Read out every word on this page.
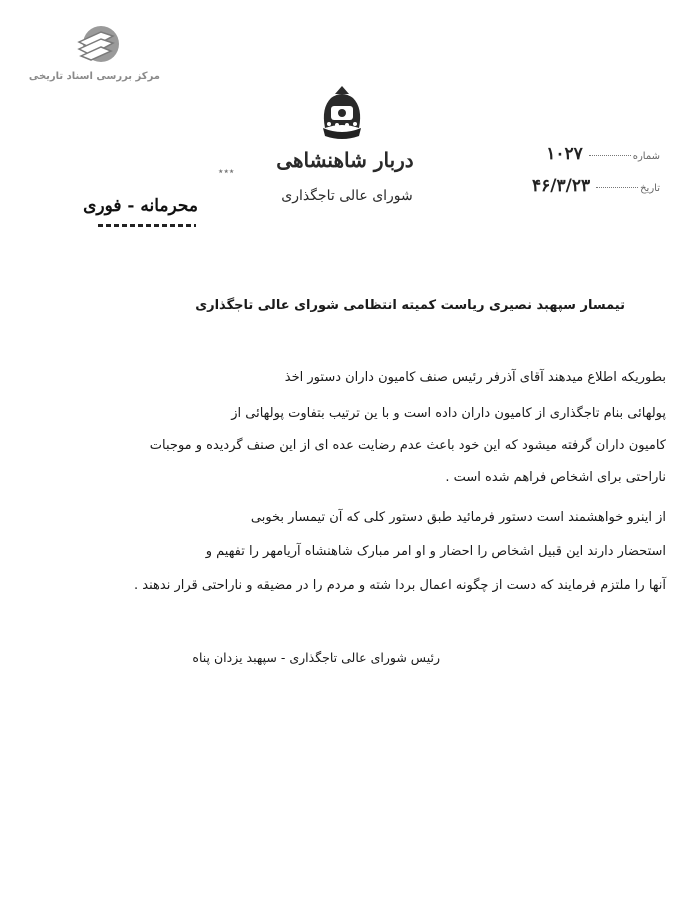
مرکز بررسی اسناد تاریخی
دربار شاهنشاهی
شورای عالی تاجگذاری
شماره۱۰۲۷
تاریخ۴۶/۳/۲۳
٭٭٭
محرمانه - فوری
تیمسار سپهبد نصیری ریاست کمیته انتظامی شورای عالی تاجگذاری
بطوریکه اطلاع میدهند آقای آذرفر رئیس صنف کامیون داران دستور اخذ
پولهائی بنام تاجگذاری از کامیون داران داده است و با ین ترتیب بتفاوت پولهائی از
کامیون داران گرفته میشود که این خود باعث عدم رضایت عده ای از این صنف گردیده و موجبات
ناراحتی برای اشخاص فراهم شده است .
از اینرو خواهشمند است دستور فرمائید طبق دستور کلی که آن تیمسار بخوبی
استحضار دارند این قبیل اشخاص را احضار و او امر مبارک شاهنشاه آریامهر را تفهیم و
آنها را ملتزم فرمایند که دست از چگونه اعمال بردا شته و مردم را در مضیقه و ناراحتی قرار ندهند .
رئیس شورای عالی تاجگذاری - سپهبد یزدان پناه
